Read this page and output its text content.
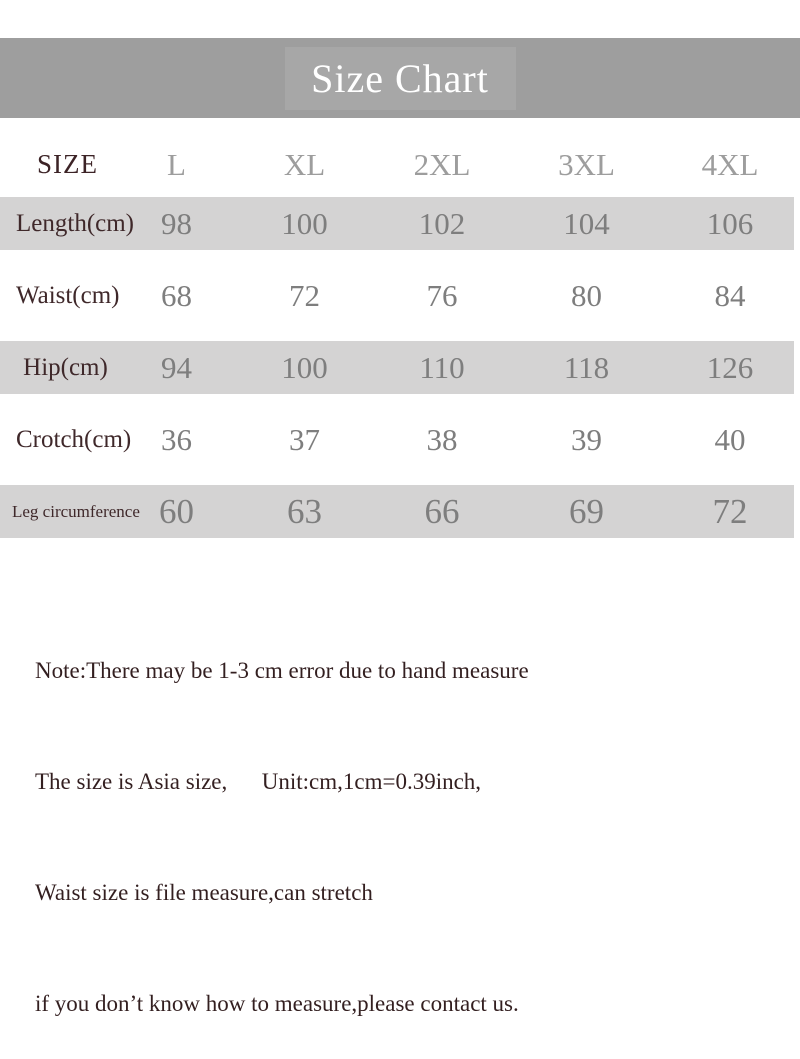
Size Chart
SIZE	L	XL	2XL	3XL	4XL
Length(cm) 98	100	102	104	106
Waist(cm)	68	72	76	80	84
Hip(cm)	94	100	110	118	126
Crotch(cm) 36	37	38	39	40
Leg circumference 60	63	66	69	72

Note:There may be 1-3 cm error due to hand measure

The size is Asia size,      Unit:cm,1cm=0.39inch,

Waist size is file measure,can stretch

if you don’t know how to measure,please contact us.
